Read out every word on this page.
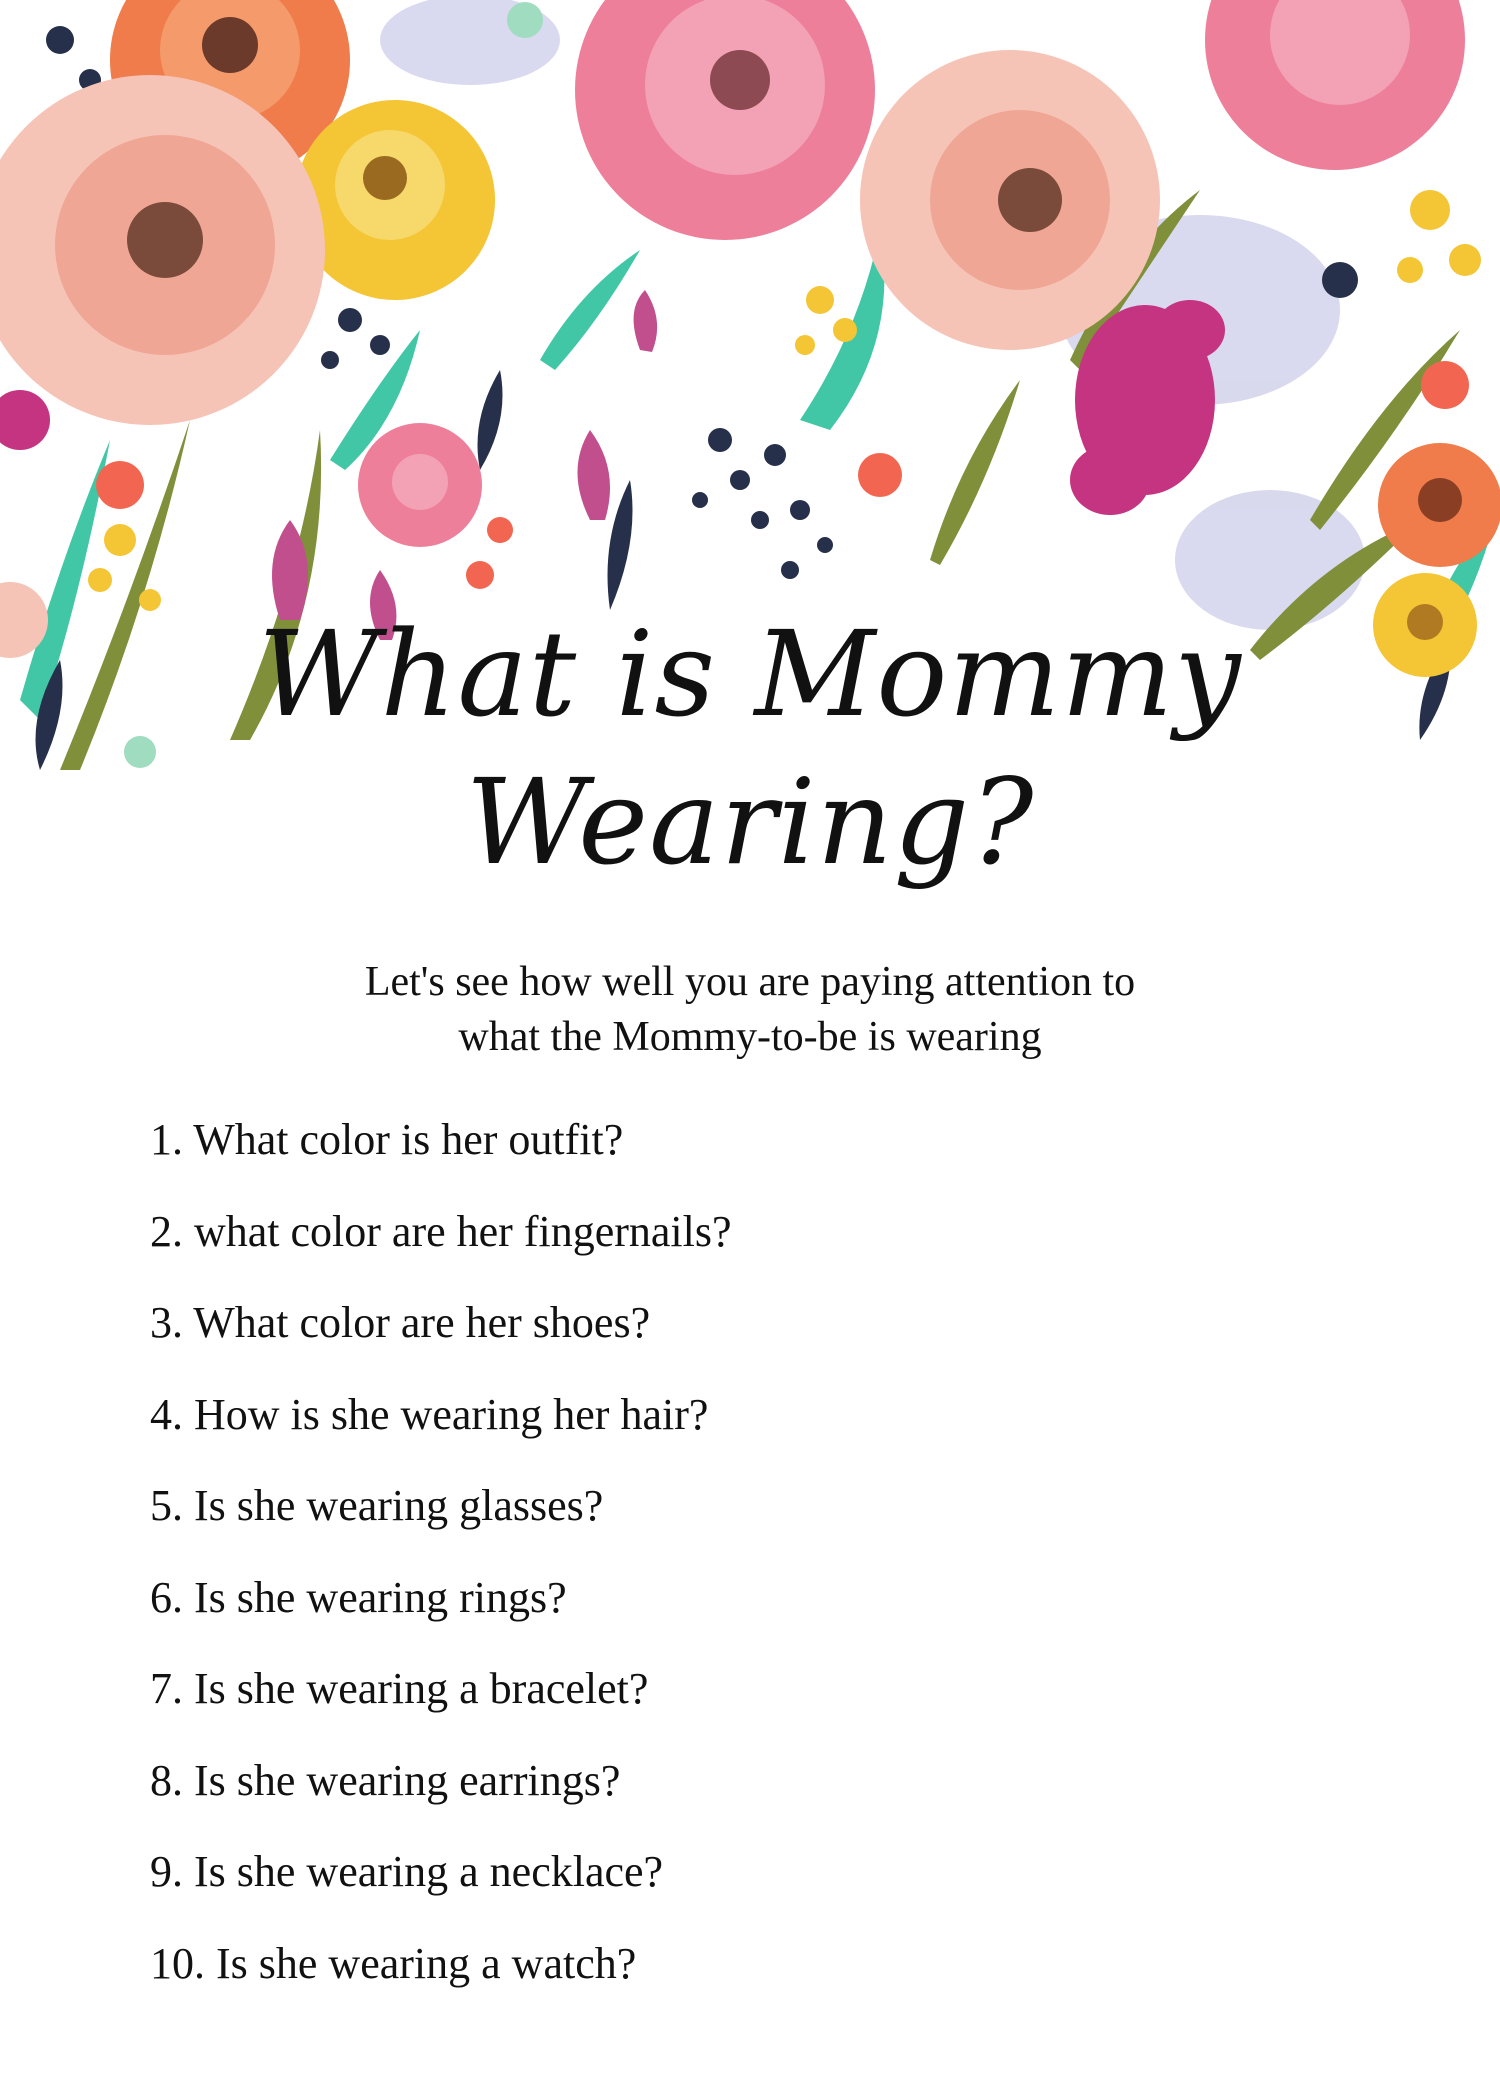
What is Mommy
Wearing?
Let's see how well you are paying attention to
what the Mommy-to-be is wearing
1. What color is her outfit?
2. what color are her fingernails?
3. What color are her shoes?
4. How is she wearing her hair?
5. Is she wearing glasses?
6. Is she wearing rings?
7. Is she wearing a bracelet?
8. Is she wearing earrings?
9. Is she wearing a necklace?
10. Is she wearing a watch?
